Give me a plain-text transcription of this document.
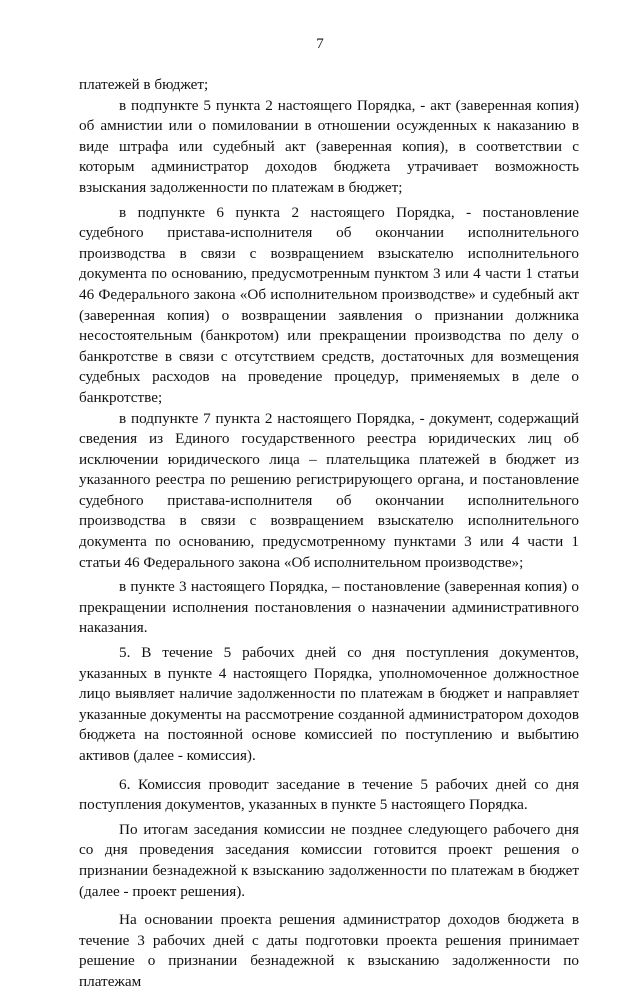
7

платежей в бюджет;

в подпункте 5 пункта 2 настоящего Порядка, - акт (заверенная копия) об амнистии или о помиловании в отношении осужденных к наказанию в виде штрафа или судебный акт (заверенная копия), в соответствии с которым администратор доходов бюджета утрачивает возможность взыскания задолженности по платежам в бюджет;

в подпункте 6 пункта 2 настоящего Порядка, - постановление судебного пристава-исполнителя об окончании исполнительного производства в связи с возвращением взыскателю исполнительного документа по основанию, предусмотренным пунктом 3 или 4 части 1 статьи 46 Федерального закона «Об исполнительном производстве» и судебный акт (заверенная копия) о возвращении заявления о признании должника несостоятельным (банкротом) или прекращении производства по делу о банкротстве в связи с отсутствием средств, достаточных для возмещения судебных расходов на проведение процедур, применяемых в деле о банкротстве;

в подпункте 7 пункта 2 настоящего Порядка, - документ, содержащий сведения из Единого государственного реестра юридических лиц об исключении юридического лица – плательщика платежей в бюджет из указанного реестра по решению регистрирующего органа, и постановление судебного пристава-исполнителя об окончании исполнительного производства в связи с возвращением взыскателю исполнительного документа по основанию, предусмотренному пунктами 3 или 4 части 1 статьи 46 Федерального закона «Об исполнительном производстве»;

в пункте 3 настоящего Порядка, – постановление (заверенная копия) о прекращении исполнения постановления о назначении административного наказания.

5. В течение 5 рабочих дней со дня поступления документов, указанных в пункте 4 настоящего Порядка, уполномоченное должностное лицо выявляет наличие задолженности по платежам в бюджет и направляет указанные документы на рассмотрение созданной администратором доходов бюджета на постоянной основе комиссией по поступлению и выбытию активов (далее - комиссия).

6. Комиссия проводит заседание в течение 5 рабочих дней со дня поступления документов, указанных в пункте 5 настоящего Порядка.

По итогам заседания комиссии не позднее следующего рабочего дня со дня проведения заседания комиссии готовится проект решения о признании безнадежной к взысканию задолженности по платежам в бюджет (далее - проект решения).

На основании проекта решения администратор доходов бюджета в течение 3 рабочих дней с даты подготовки проекта решения принимает решение о признании безнадежной к взысканию задолженности по платежам
